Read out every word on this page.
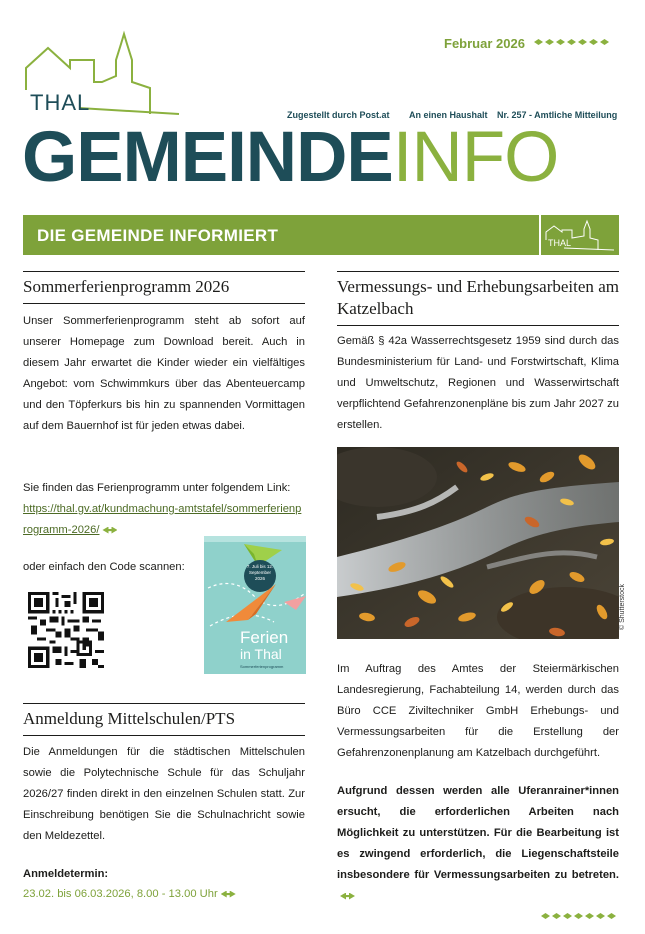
THAL
Februar 2026
Zugestellt durch Post.at An einen Haushalt Nr. 257 - Amtliche Mitteilung
GEMEINDEINFO
DIE GEMEINDE INFORMIERT	THAL
Sommerferienprogramm 2026
Unser Sommerferienprogramm steht ab sofort auf unserer Homepage zum Download bereit. Auch in diesem Jahr erwartet die Kinder wieder ein vielfältiges Angebot: vom Schwimmkurs über das Abenteuercamp und den Töpferkurs bis hin zu spannenden Vormittagen auf dem Bauernhof ist für jeden etwas dabei.
Sie finden das Ferienprogramm unter folgendem Link:
https://thal.gv.at/kundmachung-amtstafel/sommerferienprogramm-2026/
oder einfach den Code scannen:	7. Juli bis 12. September 2026
Ferien
in Thal
Sommerferienprogramm
Anmeldung Mittelschulen/PTS
Die Anmeldungen für die städtischen Mittelschulen sowie die Polytechnische Schule für das Schuljahr 2026/27 finden direkt in den einzelnen Schulen statt. Zur Einschreibung benötigen Sie die Schulnachricht sowie den Meldezettel.
Anmeldetermin:
23.02. bis 06.03.2026, 8.00 - 13.00 Uhr
Vermessungs- und Erhebungsarbeiten am Katzelbach
Gemäß § 42a Wasserrechtsgesetz 1959 sind durch das Bundesministerium für Land- und Forstwirtschaft, Klima und Umweltschutz, Regionen und Wasserwirtschaft verpflichtend Gefahrenzonenpläne bis zum Jahr 2027 zu erstellen.
© Shutterstock
Im Auftrag des Amtes der Steiermärkischen Landesregierung, Fachabteilung 14, werden durch das Büro CCE Ziviltechniker GmbH Erhebungs- und Vermessungsarbeiten für die Erstellung der Gefahrenzonenplanung am Katzelbach durchgeführt.
Aufgrund dessen werden alle Uferanrainer*innen ersucht, die erforderlichen Arbeiten nach Möglichkeit zu unterstützen. Für die Bearbeitung ist es zwingend erforderlich, die Liegenschaftsteile insbesondere für Vermessungsarbeiten zu betreten.
